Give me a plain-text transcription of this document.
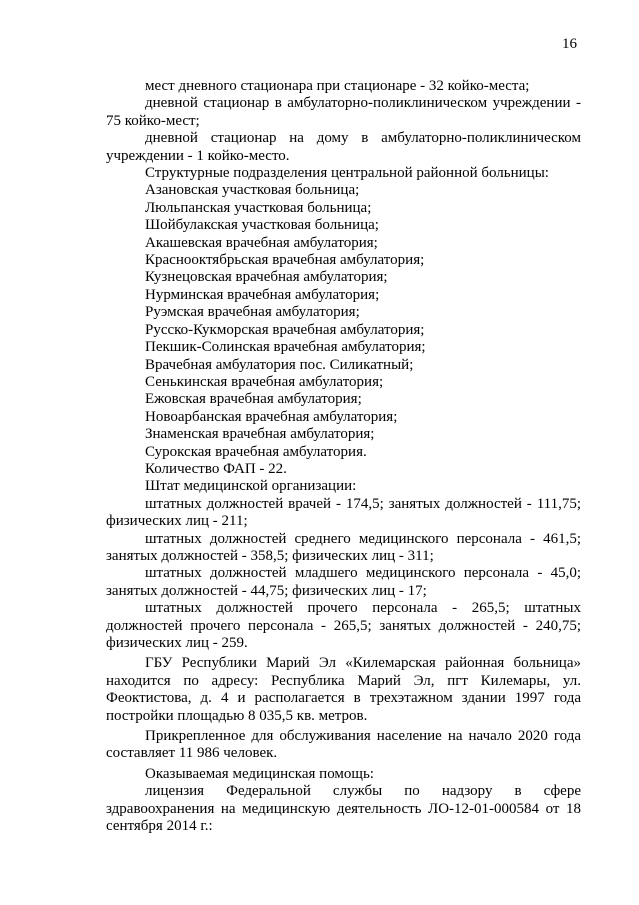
16

мест дневного стационара при стационаре - 32 койко-места;

дневной стационар в амбулаторно-поликлиническом учреждении - 75 койко-мест;

дневной стационар на дому в амбулаторно-поликлиническом учреждении - 1 койко-место.

Структурные подразделения центральной районной больницы:

Азановская участковая больница;

Люльпанская участковая больница;

Шойбулакская участковая больница;

Акашевская врачебная амбулатория;

Краснооктябрьская врачебная амбулатория;

Кузнецовская врачебная амбулатория;

Нурминская врачебная амбулатория;

Руэмская врачебная амбулатория;

Русско-Кукморская врачебная амбулатория;

Пекшик-Солинская врачебная амбулатория;

Врачебная амбулатория пос. Силикатный;

Сенькинская врачебная амбулатория;

Ежовская врачебная амбулатория;

Новоарбанская врачебная амбулатория;

Знаменская врачебная амбулатория;

Сурокская врачебная амбулатория.

Количество ФАП - 22.

Штат медицинской организации:

штатных должностей врачей - 174,5; занятых должностей - 111,75; физических лиц - 211;

штатных должностей среднего медицинского персонала - 461,5; занятых должностей - 358,5; физических лиц - 311;

штатных должностей младшего медицинского персонала - 45,0; занятых должностей - 44,75; физических лиц - 17;

штатных должностей прочего персонала - 265,5; штатных должностей прочего персонала - 265,5; занятых должностей - 240,75; физических лиц - 259.

ГБУ Республики Марий Эл «Килемарская районная больница» находится по адресу: Республика Марий Эл, пгт Килемары, ул. Феоктистова, д. 4 и располагается в трехэтажном здании 1997 года постройки площадью 8 035,5 кв. метров.

Прикрепленное для обслуживания население на начало 2020 года составляет 11 986 человек.

Оказываемая медицинская помощь:

лицензия Федеральной службы по надзору в сфере здравоохранения на медицинскую деятельность ЛО-12-01-000584 от 18 сентября 2014 г.:
